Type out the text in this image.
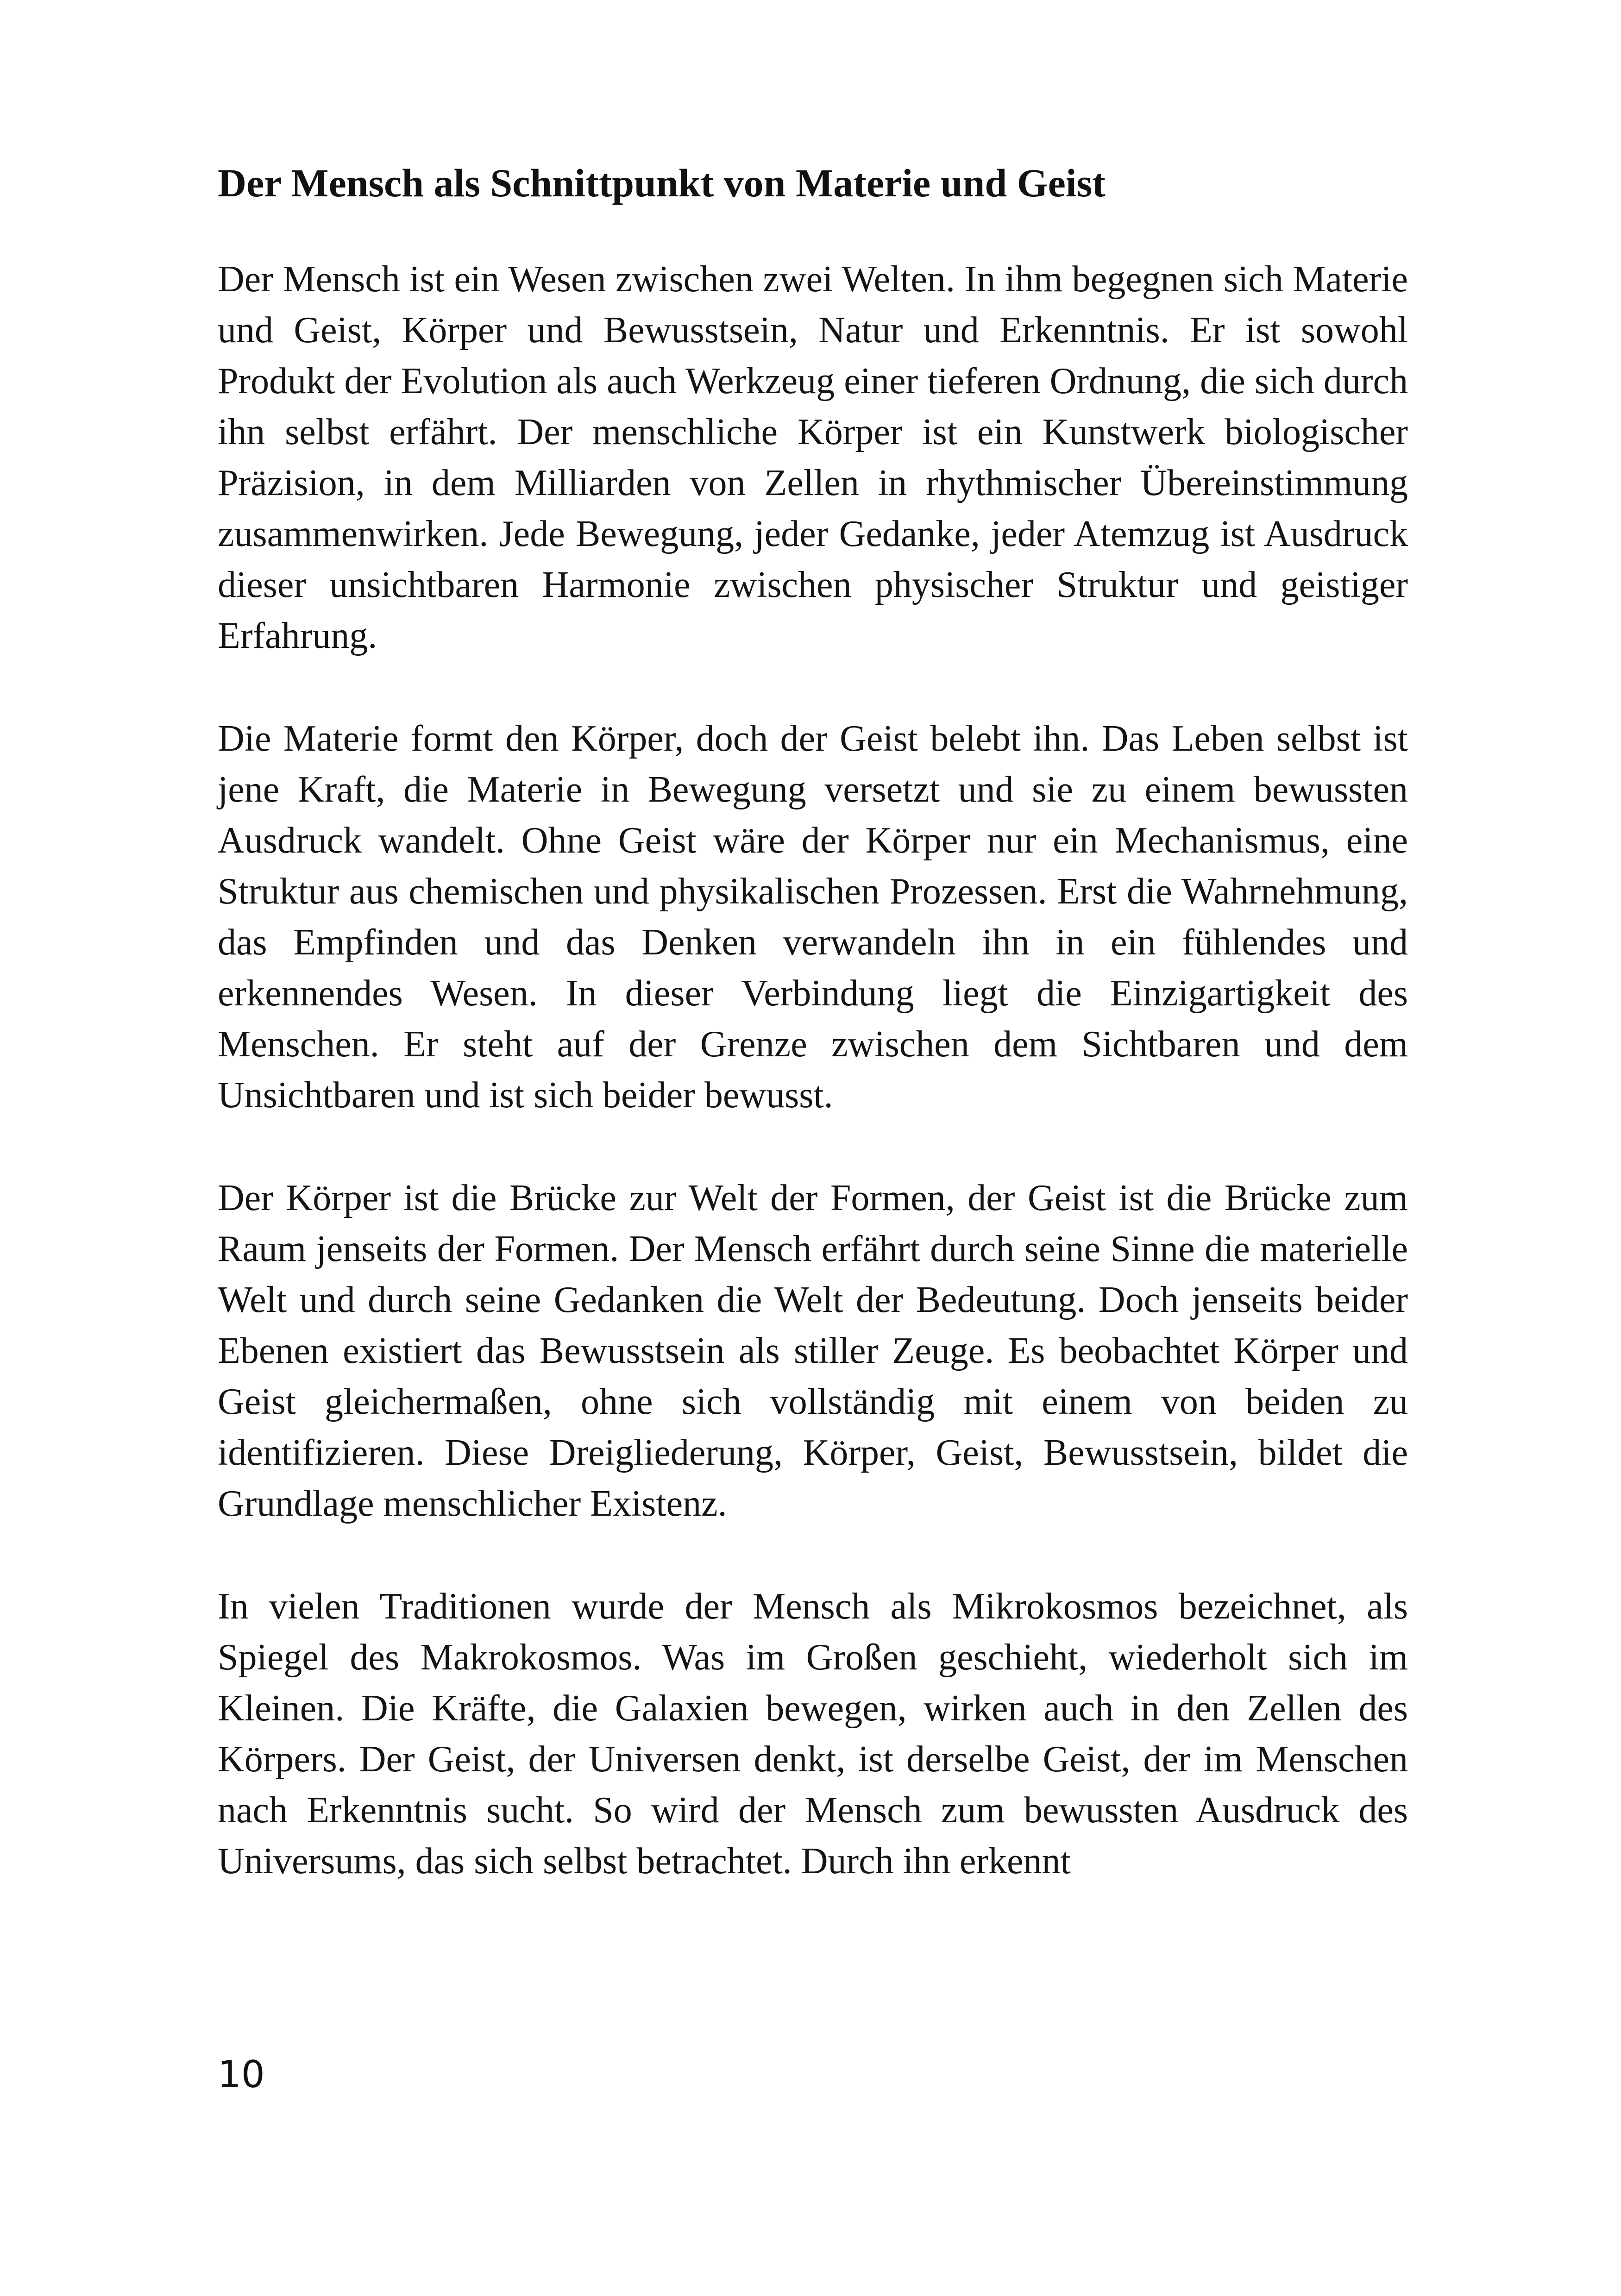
Der Mensch als Schnittpunkt von Materie und Geist

Der Mensch ist ein Wesen zwischen zwei Welten. In ihm begegnen sich Materie und Geist, Körper und Bewusstsein, Natur und Erkenntnis. Er ist sowohl Produkt der Evolution als auch Werkzeug einer tieferen Ordnung, die sich durch ihn selbst erfährt. Der menschliche Körper ist ein Kunstwerk biologischer Präzision, in dem Milliarden von Zellen in rhythmischer Übereinstimmung zusammenwirken. Jede Bewegung, jeder Gedanke, jeder Atemzug ist Ausdruck dieser unsichtbaren Harmonie zwischen physischer Struktur und geistiger Erfahrung.

Die Materie formt den Körper, doch der Geist belebt ihn. Das Leben selbst ist jene Kraft, die Materie in Bewegung versetzt und sie zu einem bewussten Ausdruck wandelt. Ohne Geist wäre der Körper nur ein Mechanismus, eine Struktur aus chemischen und physikalischen Prozessen. Erst die Wahrnehmung, das Empfinden und das Denken verwandeln ihn in ein fühlendes und erkennendes Wesen. In dieser Verbindung liegt die Einzigartigkeit des Menschen. Er steht auf der Grenze zwischen dem Sichtbaren und dem Unsichtbaren und ist sich beider bewusst.

Der Körper ist die Brücke zur Welt der Formen, der Geist ist die Brücke zum Raum jenseits der Formen. Der Mensch erfährt durch seine Sinne die materielle Welt und durch seine Gedanken die Welt der Bedeutung. Doch jenseits beider Ebenen existiert das Bewusstsein als stiller Zeuge. Es beobachtet Körper und Geist gleichermaßen, ohne sich vollständig mit einem von beiden zu identifizieren. Diese Dreigliederung, Körper, Geist, Bewusstsein, bildet die Grundlage menschlicher Existenz.

In vielen Traditionen wurde der Mensch als Mikrokosmos bezeichnet, als Spiegel des Makrokosmos. Was im Großen geschieht, wiederholt sich im Kleinen. Die Kräfte, die Galaxien bewegen, wirken auch in den Zellen des Körpers. Der Geist, der Universen denkt, ist derselbe Geist, der im Menschen nach Erkenntnis sucht. So wird der Mensch zum bewussten Ausdruck des Universums, das sich selbst betrachtet. Durch ihn erkennt

10
